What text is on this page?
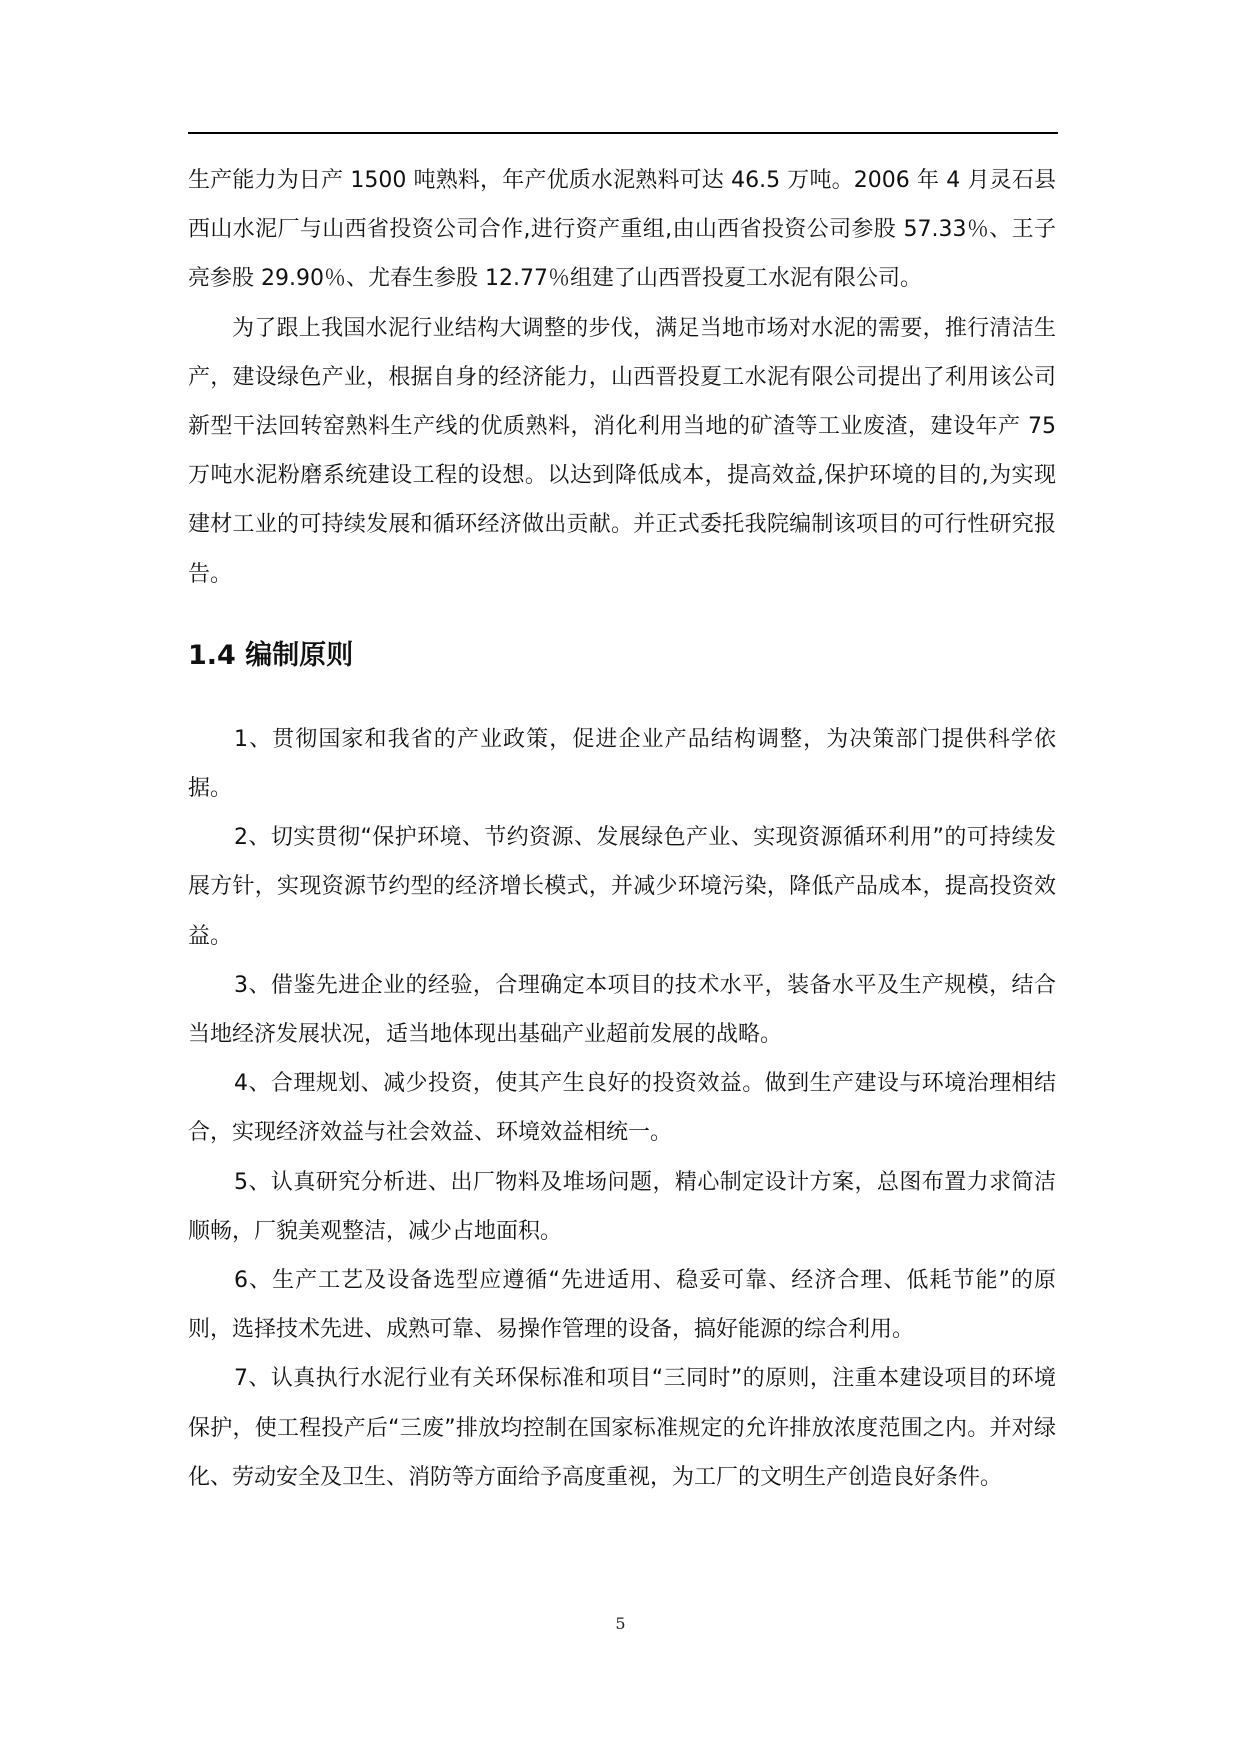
生产能力为日产 1500 吨熟料，年产优质水泥熟料可达 46.5 万吨。2006 年 4 月灵石县西山水泥厂与山西省投资公司合作,进行资产重组,由山西省投资公司参股 57.33％、王子亮参股 29.90％、尤春生参股 12.77％组建了山西晋投夏工水泥有限公司。

为了跟上我国水泥行业结构大调整的步伐，满足当地市场对水泥的需要，推行清洁生产，建设绿色产业，根据自身的经济能力，山西晋投夏工水泥有限公司提出了利用该公司新型干法回转窑熟料生产线的优质熟料，消化利用当地的矿渣等工业废渣，建设年产 75 万吨水泥粉磨系统建设工程的设想。以达到降低成本，提高效益,保护环境的目的,为实现建材工业的可持续发展和循环经济做出贡献。并正式委托我院编制该项目的可行性研究报告。

1.4 编制原则

1、贯彻国家和我省的产业政策，促进企业产品结构调整，为决策部门提供科学依据。

2、切实贯彻“保护环境、节约资源、发展绿色产业、实现资源循环利用”的可持续发展方针，实现资源节约型的经济增长模式，并减少环境污染，降低产品成本，提高投资效益。

3、借鉴先进企业的经验，合理确定本项目的技术水平，装备水平及生产规模，结合当地经济发展状况，适当地体现出基础产业超前发展的战略。

4、合理规划、减少投资，使其产生良好的投资效益。做到生产建设与环境治理相结合，实现经济效益与社会效益、环境效益相统一。

5、认真研究分析进、出厂物料及堆场问题，精心制定设计方案，总图布置力求简洁顺畅，厂貌美观整洁，减少占地面积。

6、生产工艺及设备选型应遵循“先进适用、稳妥可靠、经济合理、低耗节能”的原则，选择技术先进、成熟可靠、易操作管理的设备，搞好能源的综合利用。

7、认真执行水泥行业有关环保标准和项目“三同时”的原则，注重本建设项目的环境保护，使工程投产后“三废”排放均控制在国家标准规定的允许排放浓度范围之内。并对绿化、劳动安全及卫生、消防等方面给予高度重视，为工厂的文明生产创造良好条件。

5
